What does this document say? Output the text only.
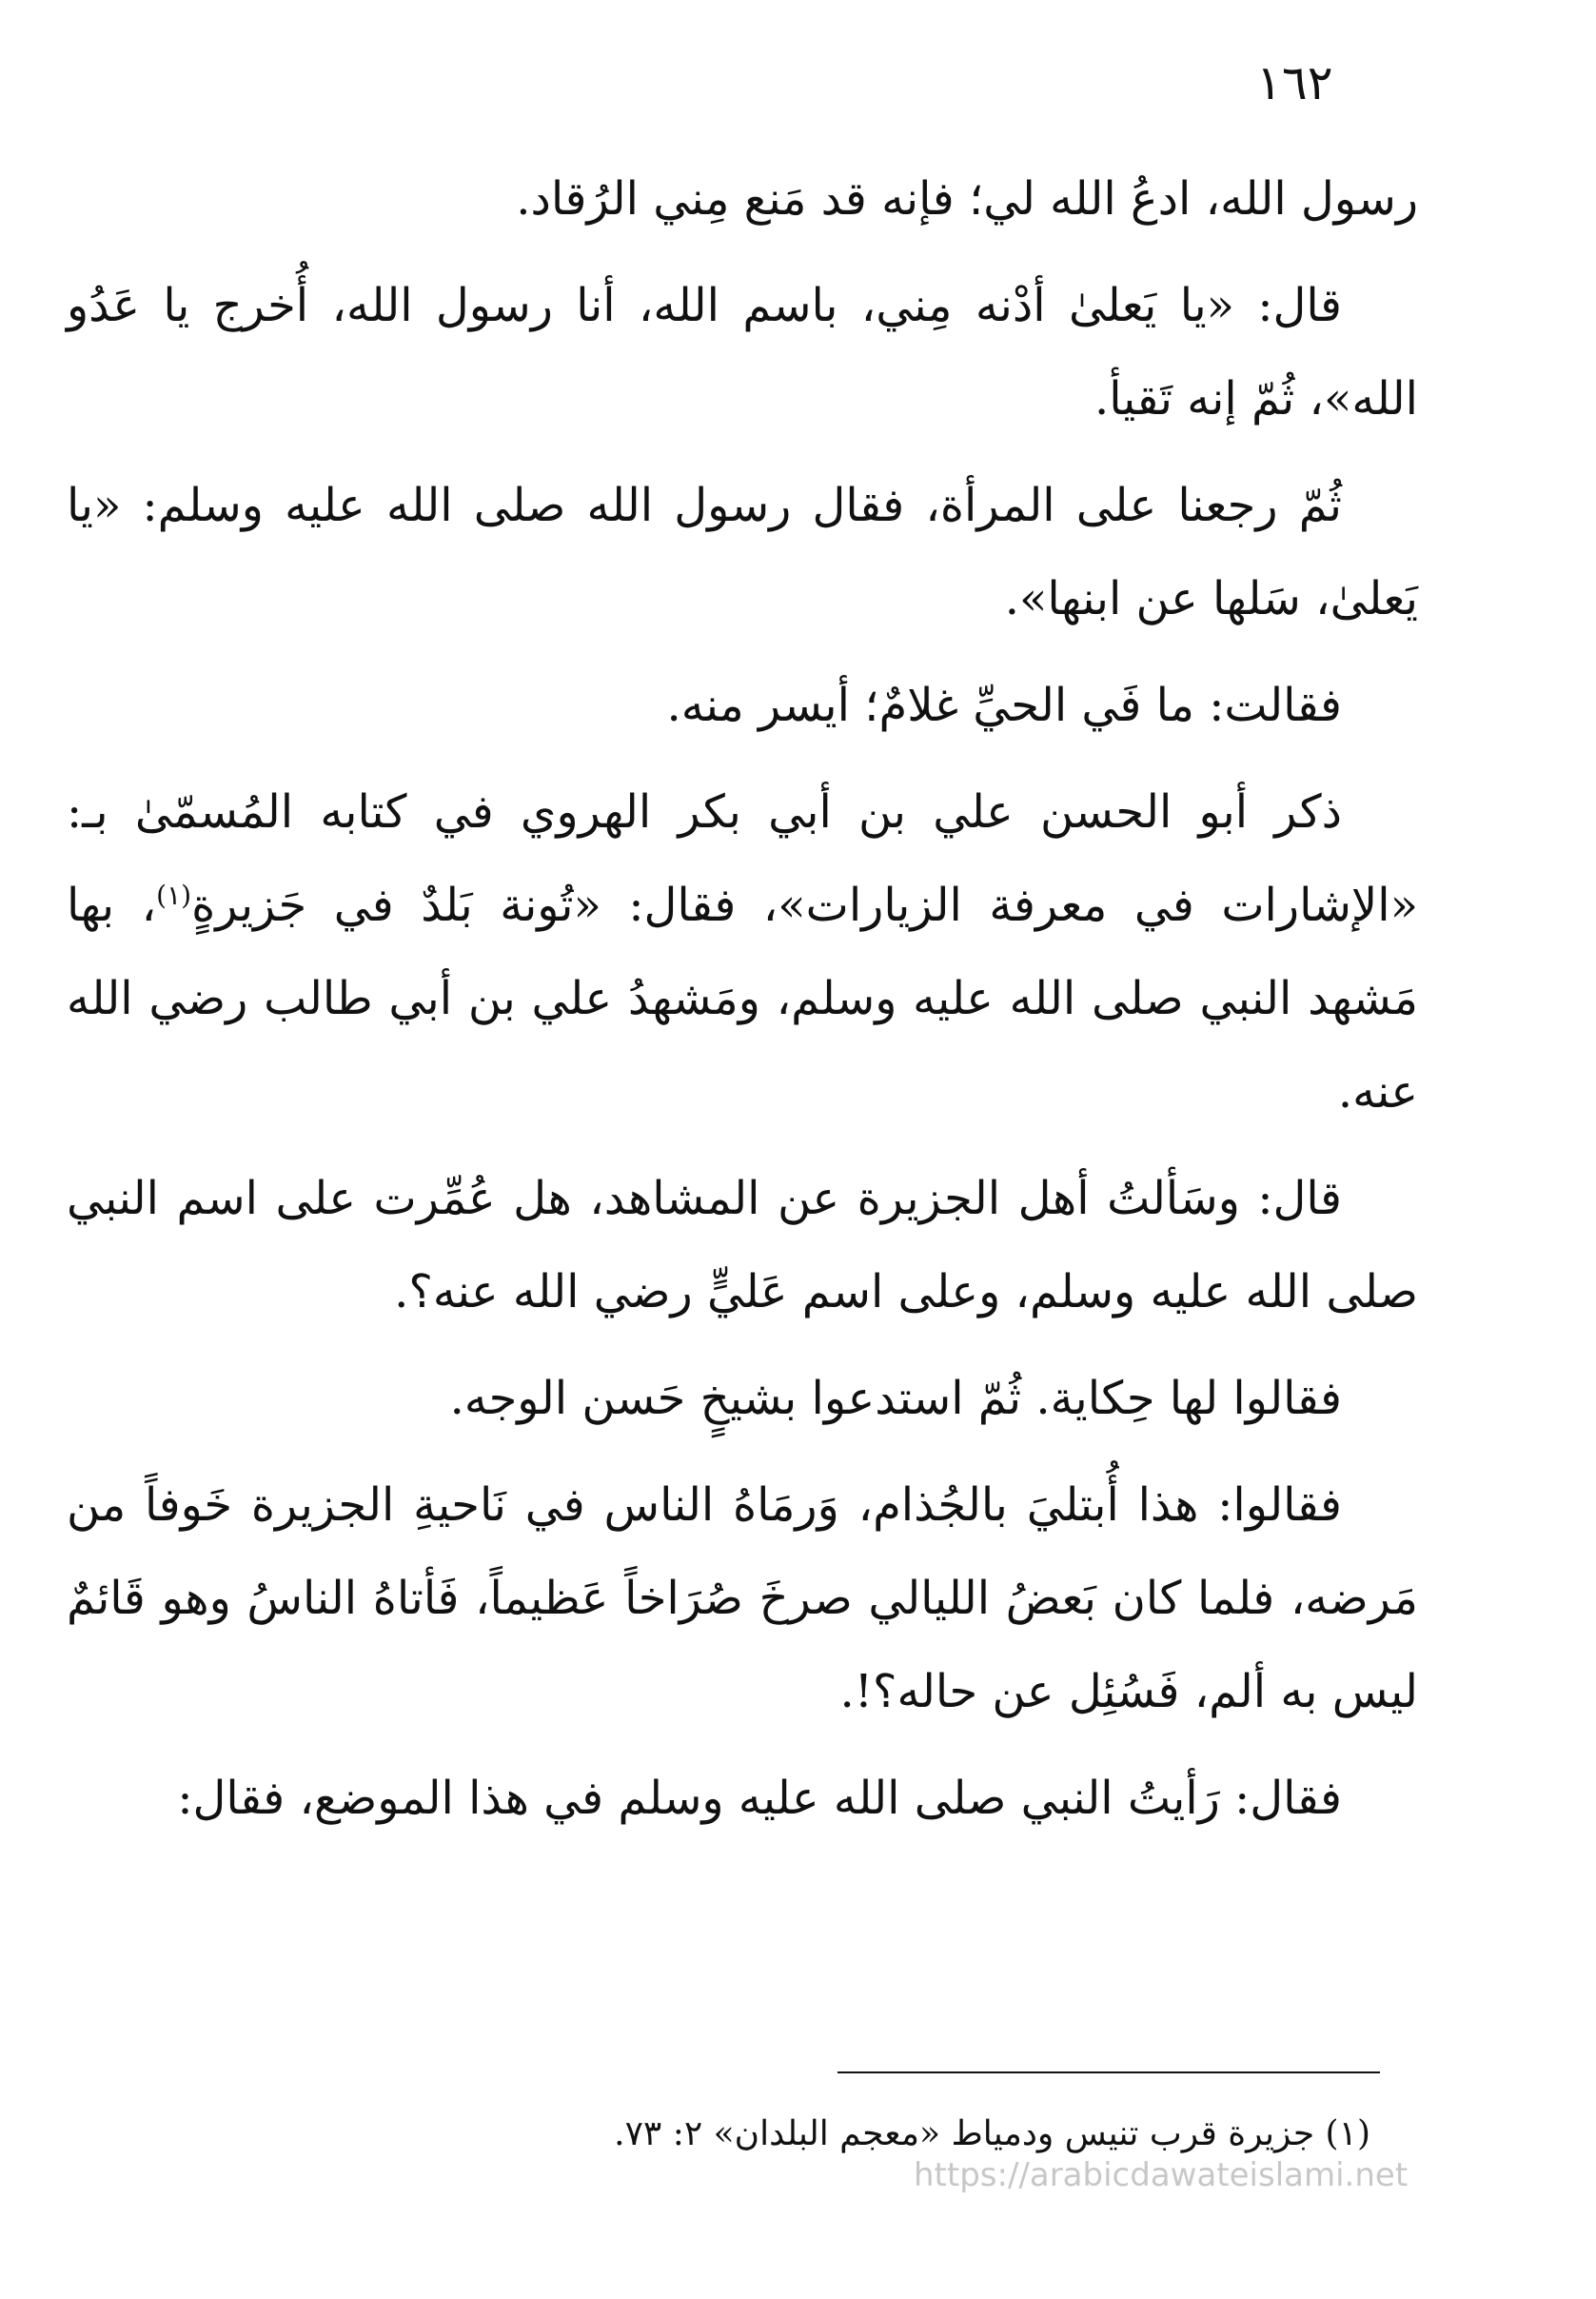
١٦٢

رسول الله، ادعُ الله لي؛ فإنه قد مَنع مِني الرُقاد.

قال: «يا يَعلىٰ أدْنه مِني، باسم الله، أنا رسول الله، أُخرج يا عَدُو الله»، ثُمّ إنه تَقيأ.

ثُمّ رجعنا على المرأة، فقال رسول الله صلى الله عليه وسلم: «يا يَعلىٰ، سَلها عن ابنها».

فقالت: ما فَي الحيِّ غلامٌ؛ أيسر منه.

ذكر أبو الحسن علي بن أبي بكر الهروي في كتابه المُسمّىٰ بـ: «الإشارات في معرفة الزيارات»، فقال: «تُونة بَلدٌ في جَزيرةٍ$^{(١)}$، بها مَشهد النبي صلى الله عليه وسلم، ومَشهدُ علي بن أبي طالب رضي الله عنه.

قال: وسَألتُ أهل الجزيرة عن المشاهد، هل عُمِّرت على اسم النبي صلى الله عليه وسلم، وعلى اسم عَليٍّ رضي الله عنه؟.

فقالوا لها حِكاية. ثُمّ استدعوا بشيخٍ حَسن الوجه.

فقالوا: هذا أُبتليَ بالجُذام، وَرمَاهُ الناس في نَاحيةِ الجزيرة خَوفاً من مَرضه، فلما كان بَعضُ الليالي صرخَ صُرَاخاً عَظيماً، فَأتاهُ الناسُ وهو قَائمٌ ليس به ألم، فَسُئِل عن حاله؟!.

فقال: رَأيتُ النبي صلى الله عليه وسلم في هذا الموضع، فقال:

(١) جزيرة قرب تنيس ودمياط «معجم البلدان» ٢: ٧٣.
https://arabicdawateislami.net
